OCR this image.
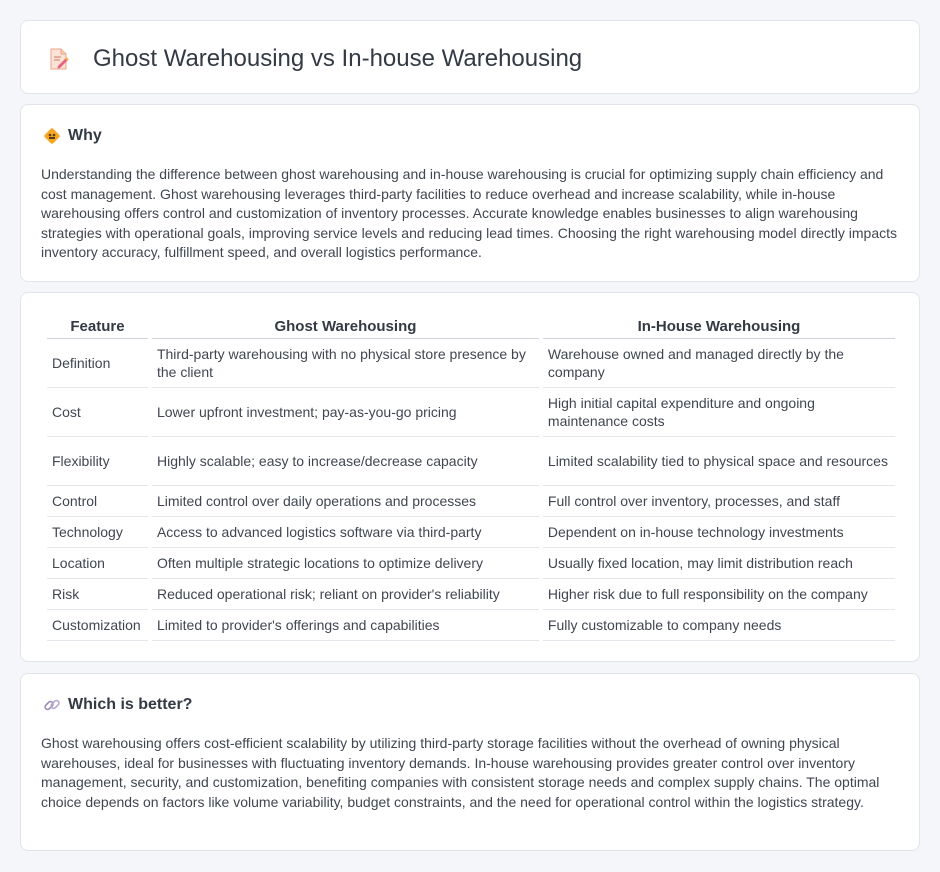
Ghost Warehousing vs In-house Warehousing
Why

Understanding the difference between ghost warehousing and in-house warehousing is crucial for optimizing supply chain efficiency and cost management. Ghost warehousing leverages third-party facilities to reduce overhead and increase scalability, while in-house warehousing offers control and customization of inventory processes. Accurate knowledge enables businesses to align warehousing strategies with operational goals, improving service levels and reducing lead times. Choosing the right warehousing model directly impacts inventory accuracy, fulfillment speed, and overall logistics performance.

Feature	Ghost Warehousing	In-House Warehousing
Definition	Third-party warehousing with no physical store presence by the client	Warehouse owned and managed directly by the company
Cost	Lower upfront investment; pay-as-you-go pricing	High initial capital expenditure and ongoing maintenance costs
Flexibility	Highly scalable; easy to increase/decrease capacity	Limited scalability tied to physical space and resources
Control	Limited control over daily operations and processes	Full control over inventory, processes, and staff
Technology	Access to advanced logistics software via third-party	Dependent on in-house technology investments
Location	Often multiple strategic locations to optimize delivery	Usually fixed location, may limit distribution reach
Risk	Reduced operational risk; reliant on provider's reliability	Higher risk due to full responsibility on the company
Customization	Limited to provider's offerings and capabilities	Fully customizable to company needs
Which is better?

Ghost warehousing offers cost-efficient scalability by utilizing third-party storage facilities without the overhead of owning physical warehouses, ideal for businesses with fluctuating inventory demands. In-house warehousing provides greater control over inventory management, security, and customization, benefiting companies with consistent storage needs and complex supply chains. The optimal choice depends on factors like volume variability, budget constraints, and the need for operational control within the logistics strategy.
